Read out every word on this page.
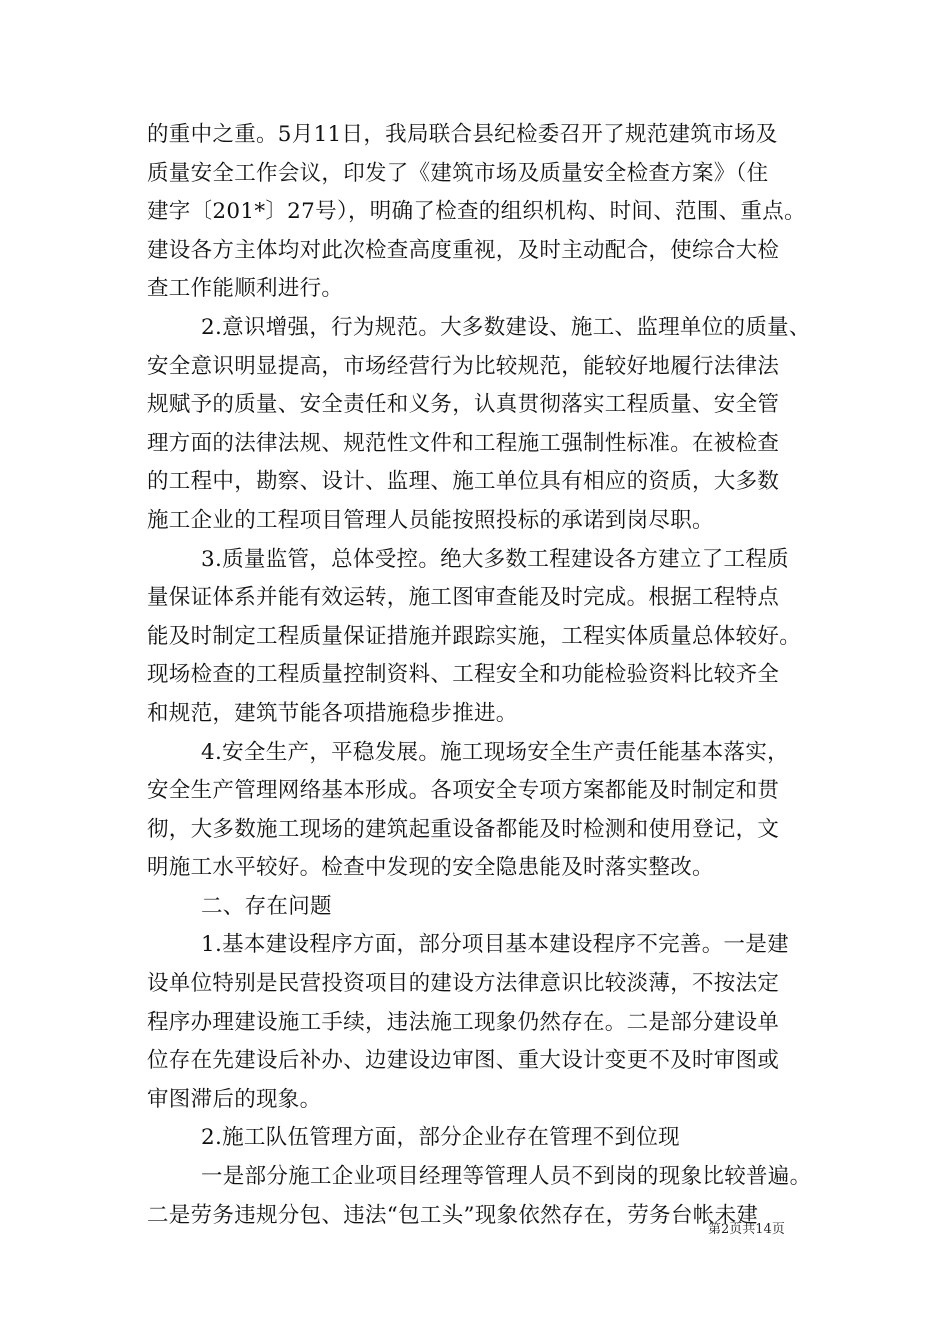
的重中之重。5月11日，我局联合县纪检委召开了规范建筑市场及
质量安全工作会议，印发了《建筑市场及质量安全检查方案》（住
建字〔201*〕27号），明确了检查的组织机构、时间、范围、重点。
建设各方主体均对此次检查高度重视，及时主动配合，使综合大检
查工作能顺利进行。
2.意识增强，行为规范。大多数建设、施工、监理单位的质量、
安全意识明显提高，市场经营行为比较规范，能较好地履行法律法
规赋予的质量、安全责任和义务，认真贯彻落实工程质量、安全管
理方面的法律法规、规范性文件和工程施工强制性标准。在被检查
的工程中，勘察、设计、监理、施工单位具有相应的资质，大多数
施工企业的工程项目管理人员能按照投标的承诺到岗尽职。
3.质量监管，总体受控。绝大多数工程建设各方建立了工程质
量保证体系并能有效运转，施工图审查能及时完成。根据工程特点
能及时制定工程质量保证措施并跟踪实施，工程实体质量总体较好。
现场检查的工程质量控制资料、工程安全和功能检验资料比较齐全
和规范，建筑节能各项措施稳步推进。
4.安全生产，平稳发展。施工现场安全生产责任能基本落实，
安全生产管理网络基本形成。各项安全专项方案都能及时制定和贯
彻，大多数施工现场的建筑起重设备都能及时检测和使用登记，文
明施工水平较好。检查中发现的安全隐患能及时落实整改。
二、存在问题
1.基本建设程序方面，部分项目基本建设程序不完善。一是建
设单位特别是民营投资项目的建设方法律意识比较淡薄，不按法定
程序办理建设施工手续，违法施工现象仍然存在。二是部分建设单
位存在先建设后补办、边建设边审图、重大设计变更不及时审图或
审图滞后的现象。
2.施工队伍管理方面，部分企业存在管理不到位现
一是部分施工企业项目经理等管理人员不到岗的现象比较普遍。
二是劳务违规分包、违法“包工头”现象依然存在，劳务台帐未建
第2页共14页
